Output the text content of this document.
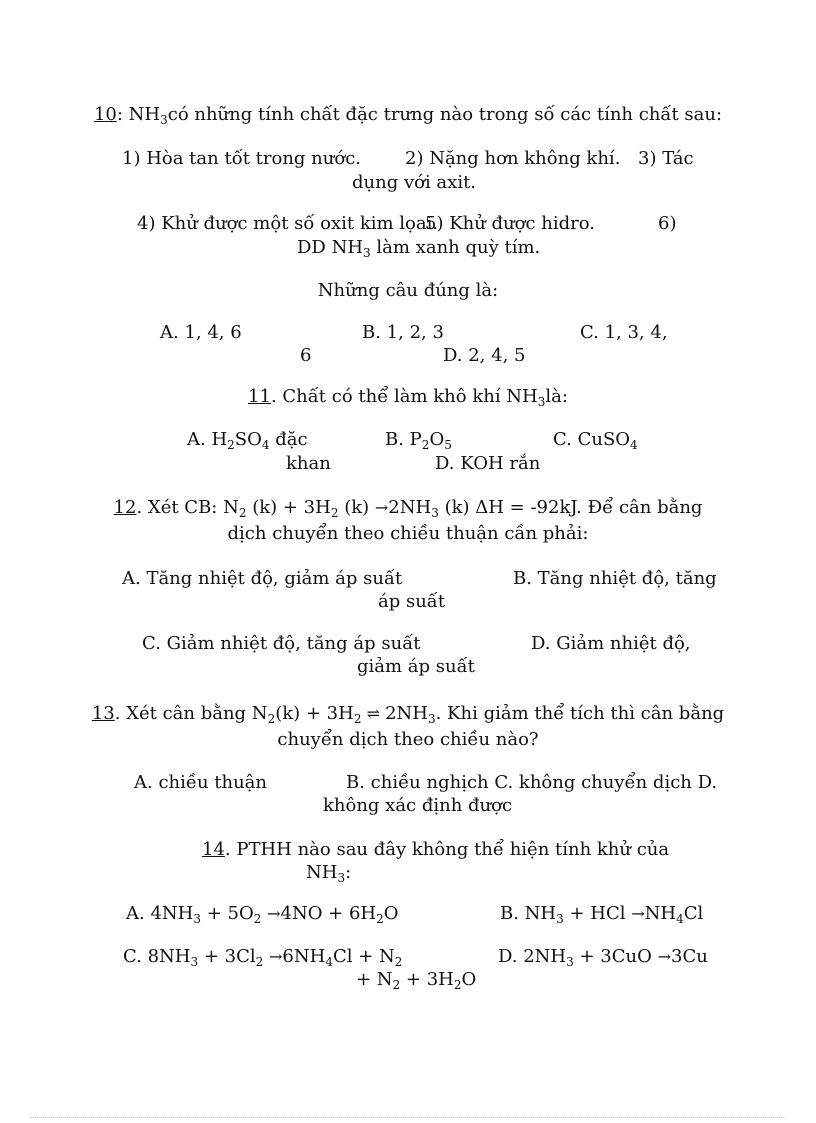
10: $NH_3có$ những tính chất đặc trưng nào trong số các tính chất sau:
1) Hòa tan tốt trong nước. 2) Nặng hơn không khí. 3) Tác
dụng với axit.
4) Khử được một số oxit kim lọai.
5) Khử được hidro.	6)
DD $NH_3$ làm xanh quỳ tím.
Những câu đúng là:
A. 1, 4, 6	B. 1, 2, 3	C. 1, 3, 4,
6	D. 2, 4, 5
11. Chất có thể làm khô khí $NH_3là$:
A. $H_2SO_4$ đặc	B. $P_2O_5$	C. CuSO$_4$
khan	D. KOH rắn
12. Xét CB: $N_2$ $(k) + 3H_2$ $(k) \to 2NH_3$ (k) ΔH = -92kJ. Để cân bằng
dịch chuyển theo chiều thuận cần phải:
A. Tăng nhiệt độ, giảm áp suất	B. Tăng nhiệt độ, tăng
áp suất
C. Giảm nhiệt độ, tăng áp suất	D. Giảm nhiệt độ,
giảm áp suất
13. Xét cân bằng $N_2(k) + 3H_2$ ⇌ $2NH_3$. Khi giảm thể tích thì cân bằng
chuyển dịch theo chiều nào?
A. chiều thuận	B. chiều nghịch C. không chuyển dịch D.
không xác định được
14. PTHH nào sau đây không thể hiện tính khử của
$NH_3$:
A. $4NH_3 + 5O_2 \to 4NO + 6H_2O$	B. $NH_3$ + HCl $\to NH_4Cl$
C. $8NH_3 + 3Cl_2 \to 6NH_4Cl + N_2$	D. $2NH_3 + 3CuO \to 3Cu$
+ $N_2 + 3H_2O$
